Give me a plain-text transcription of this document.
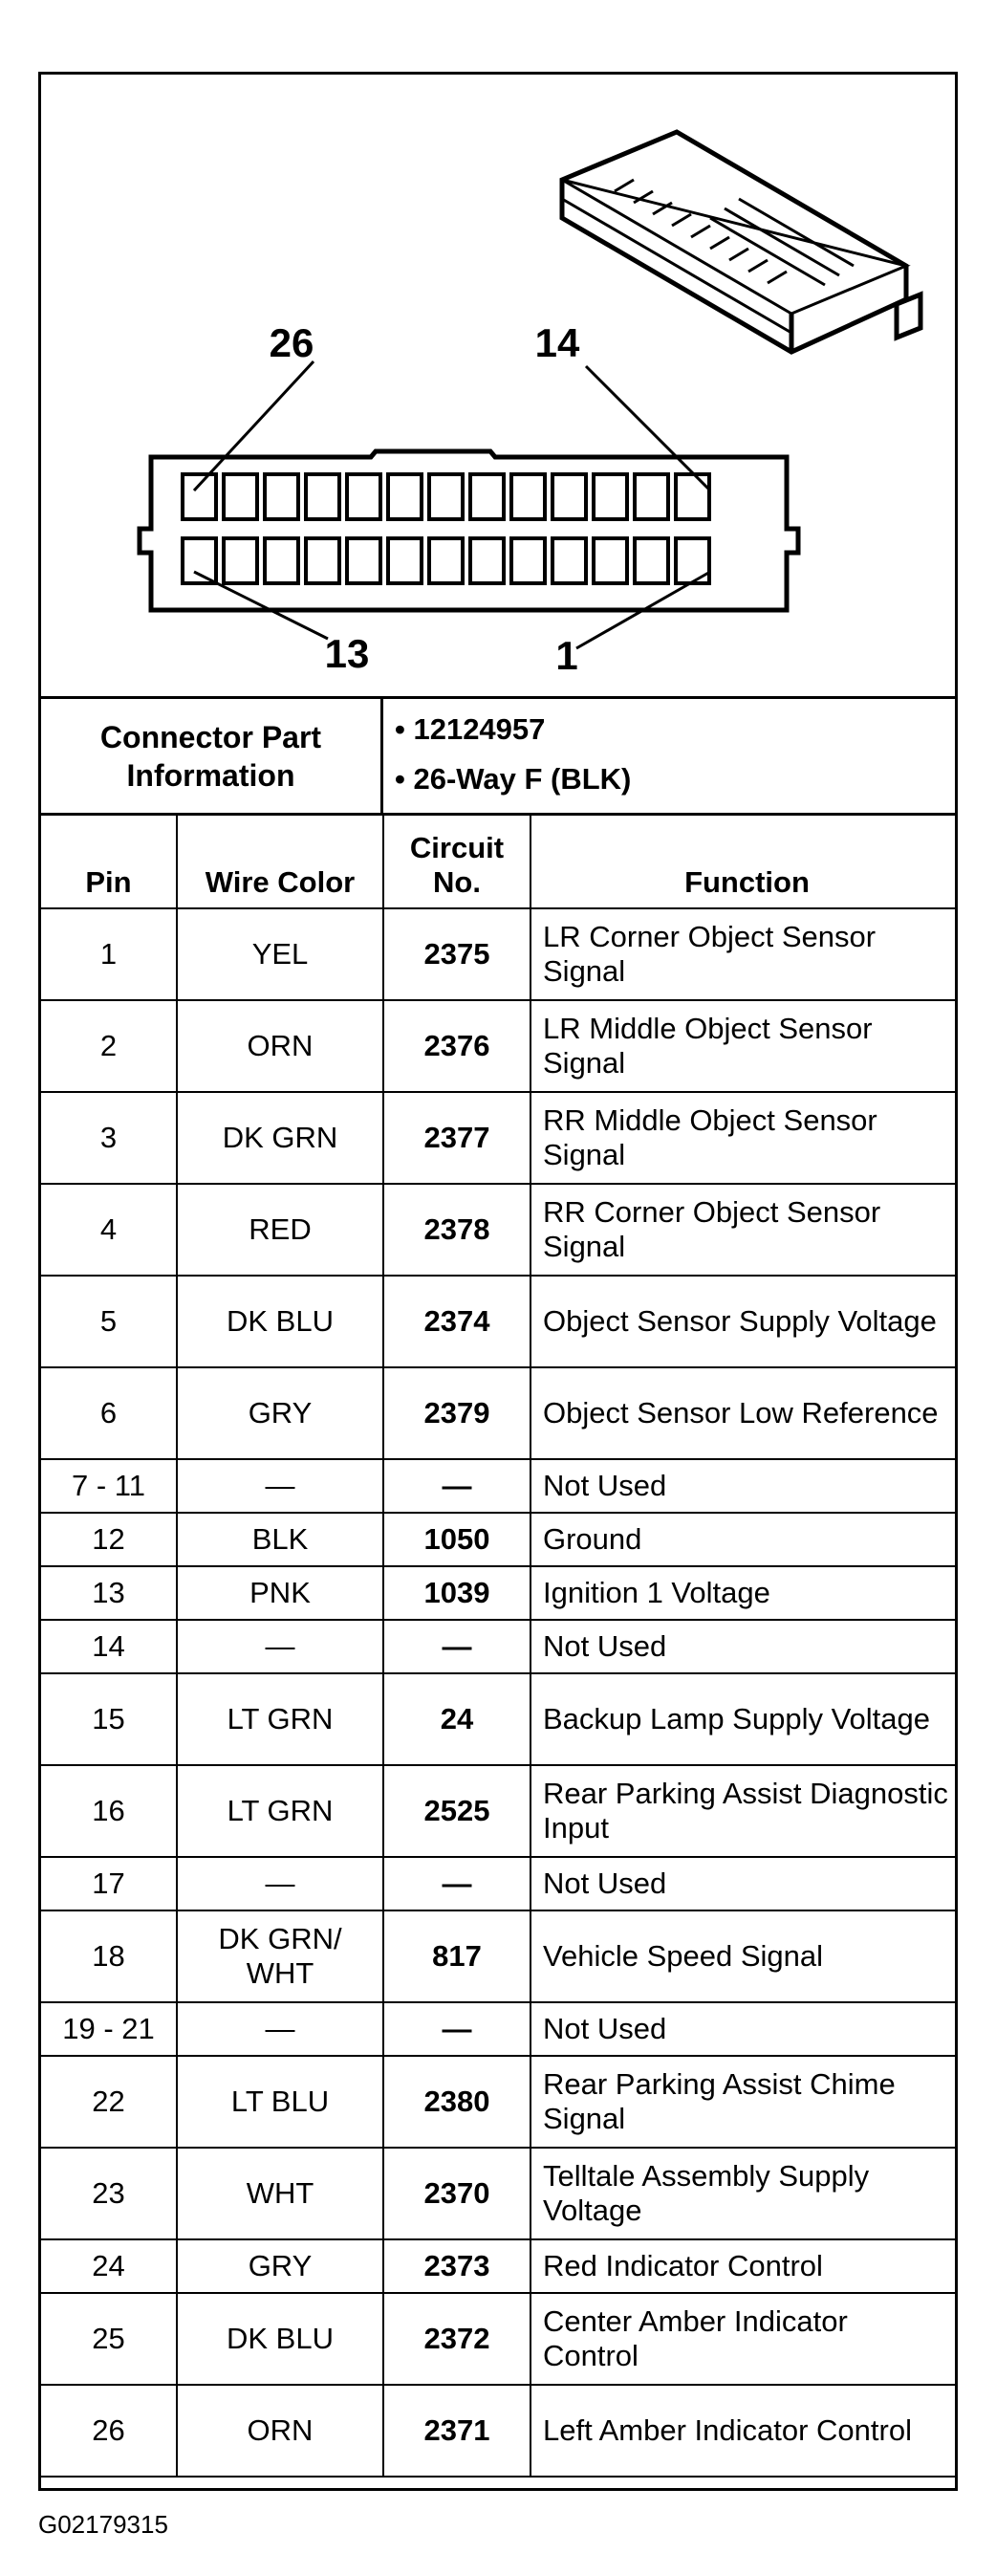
26	14
13	1
Connector Part Information
• 12124957
• 26-Way F (BLK)
Pin	Wire Color	Circuit No.	Function
1	YEL	2375	LR Corner Object Sensor Signal
2	ORN	2376	LR Middle Object Sensor Signal
3	DK GRN	2377	RR Middle Object Sensor Signal
4	RED	2378	RR Corner Object Sensor Signal
5	DK BLU	2374	Object Sensor Supply Voltage
6	GRY	2379	Object Sensor Low Reference
7 - 11	—	—	Not Used
12	BLK	1050	Ground
13	PNK	1039	Ignition 1 Voltage
14	—	—	Not Used
15	LT GRN	24	Backup Lamp Supply Voltage
16	LT GRN	2525	Rear Parking Assist Diagnostic Input
17	—	—	Not Used
18	DK GRN/ WHT	817	Vehicle Speed Signal
19 - 21	—	—	Not Used
22	LT BLU	2380	Rear Parking Assist Chime Signal
23	WHT	2370	Telltale Assembly Supply Voltage
24	GRY	2373	Red Indicator Control
25	DK BLU	2372	Center Amber Indicator Control
26	ORN	2371	Left Amber Indicator Control
G02179315
